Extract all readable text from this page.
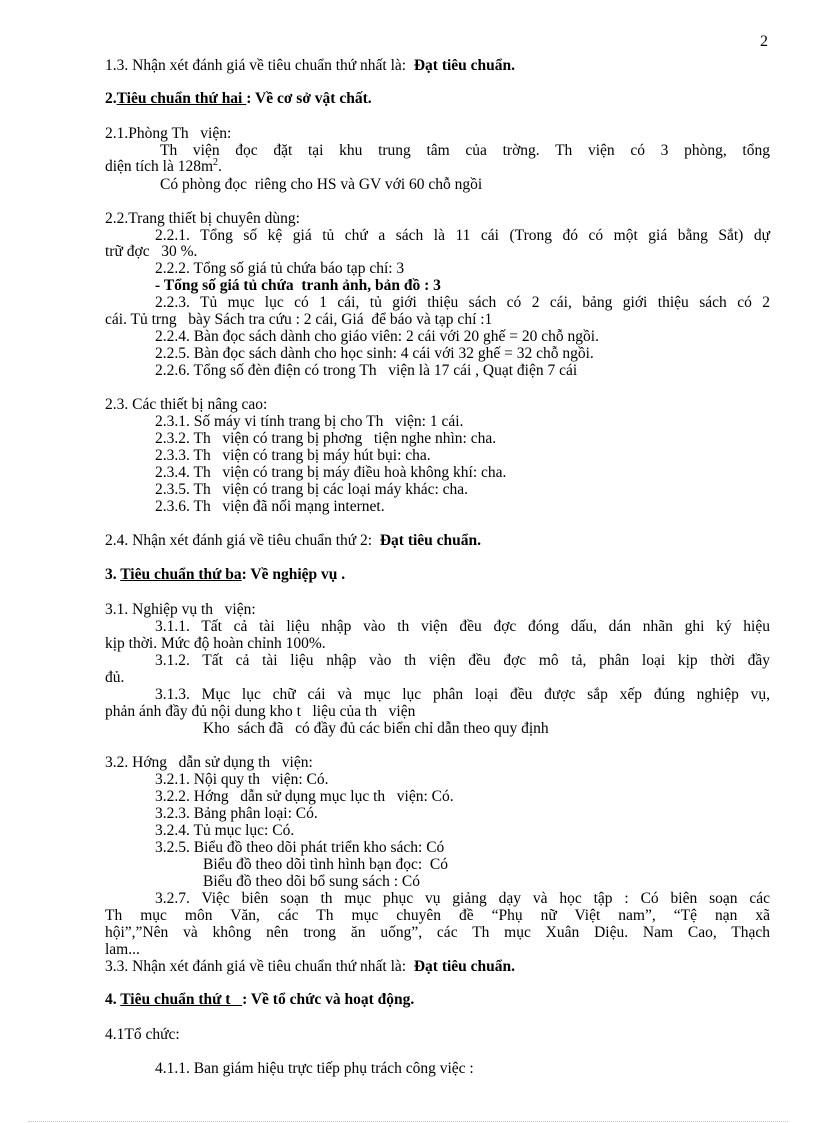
2

1.3. Nhận xét đánh giá về tiêu chuẩn thứ nhất là:  Đạt tiêu chuẩn.

2.Tiêu chuẩn thứ hai : Về cơ sở vật chất.

2.1.Phòng Th   viện:

Th viện đọc đặt tại khu trung tâm của trờng. Th viện có 3 phòng, tổng

diện tích là $128m^2$.

Có phòng đọc  riêng cho HS và GV với 60 chỗ ngồi

2.2.Trang thiết bị chuyên dùng:

2.2.1. Tổng số kệ giá tủ chứ a sách là 11 cái (Trong đó có một giá bằng Sắt) dự

trữ đợc   30 %.

2.2.2. Tổng số giá tủ chứa báo tạp chí: 3

- Tổng số giá tủ chứa  tranh ảnh, bản đồ : 3

2.2.3. Tủ mục lục có 1 cái, tủ giới thiệu sách có 2 cái, bảng giới thiệu sách có 2

cái. Tủ trng   bày Sách tra cứu : 2 cái, Giá  để báo và tạp chí :1

2.2.4. Bàn đọc sách dành cho giáo viên: 2 cái với 20 ghế = 20 chỗ ngồi.

2.2.5. Bàn đọc sách dành cho học sinh: 4 cái với 32 ghế = 32 chỗ ngồi.

2.2.6. Tổng số đèn điện có trong Th   viện là 17 cái , Quạt điện 7 cái

2.3. Các thiết bị nâng cao:

2.3.1. Số máy vi tính trang bị cho Th   viện: 1 cái.

2.3.2. Th   viện có trang bị phơng   tiện nghe nhìn: cha.

2.3.3. Th   viện có trang bị máy hút bụi: cha.

2.3.4. Th   viện có trang bị máy điều hoà không khí: cha.

2.3.5. Th   viện có trang bị các loại máy khác: cha.

2.3.6. Th   viện đã nối mạng internet.

2.4. Nhận xét đánh giá về tiêu chuẩn thứ 2:  Đạt tiêu chuẩn.

3. Tiêu chuẩn thứ ba: Về nghiệp vụ .

3.1. Nghiệp vụ th   viện:

3.1.1. Tất cả tài liệu nhập vào th viện đều đợc đóng dấu, dán nhãn ghi ký hiệu

kịp thời. Mức độ hoàn chỉnh 100%.

3.1.2. Tất cả tài liệu nhập vào th viện đều đợc mô tả, phân loại kịp thời đầy

đủ.

3.1.3. Mục lục chữ cái và mục lục phân loại đều được sắp xếp đúng nghiệp vụ,

phản ánh đầy đủ nội dung kho t   liệu của th   viện

Kho  sách đã   có đầy đủ các biển chỉ dẫn theo quy định

3.2. Hớng   dẫn sử dụng th   viện:

3.2.1. Nội quy th   viện: Có.

3.2.2. Hớng   dẫn sử dụng mục lục th   viện: Có.

3.2.3. Bảng phân loại: Có.

3.2.4. Tủ mục lục: Có.

3.2.5. Biểu đồ theo dõi phát triển kho sách: Có

Biểu đồ theo dõi tình hình bạn đọc:  Có

Biểu đồ theo dõi bổ sung sách : Có

3.2.7. Việc biên soạn th mục phục vụ giảng dạy và học tập : Có biên soạn các

Th mục môn Văn, các Th mục chuyên đề “Phụ nữ Việt nam”, “Tệ nạn xã

hội”,”Nên và không nên trong ăn uống”, các Th mục Xuân Diệu. Nam Cao, Thạch

lam...

3.3. Nhận xét đánh giá về tiêu chuẩn thứ nhất là:  Đạt tiêu chuẩn.

4. Tiêu chuẩn thứ t   : Về tổ chức và hoạt động.

4.1Tổ chức:

4.1.1. Ban giám hiệu trực tiếp phụ trách công việc :
